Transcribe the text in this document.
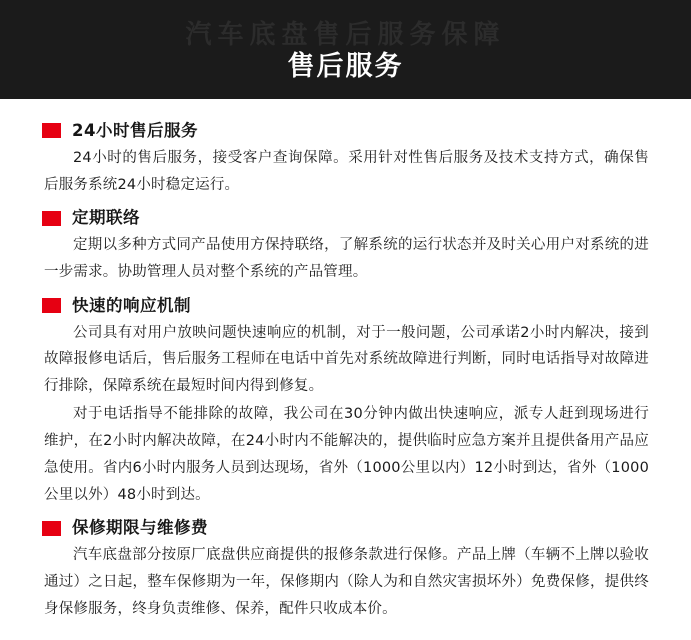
汽车底盘售后服务保障
售后服务
24小时售后服务

24小时的售后服务，接受客户查询保障。采用针对性售后服务及技术支持方式，确保售后服务系统24小时稳定运行。

定期联络

定期以多种方式同产品使用方保持联络，了解系统的运行状态并及时关心用户对系统的进一步需求。协助管理人员对整个系统的产品管理。

快速的响应机制

公司具有对用户放映问题快速响应的机制，对于一般问题，公司承诺2小时内解决，接到故障报修电话后，售后服务工程师在电话中首先对系统故障进行判断，同时电话指导对故障进行排除，保障系统在最短时间内得到修复。

对于电话指导不能排除的故障，我公司在30分钟内做出快速响应，派专人赶到现场进行维护，在2小时内解决故障，在24小时内不能解决的，提供临时应急方案并且提供备用产品应急使用。省内6小时内服务人员到达现场，省外（1000公里以内）12小时到达，省外（1000公里以外）48小时到达。

保修期限与维修费

汽车底盘部分按原厂底盘供应商提供的报修条款进行保修。产品上牌（车辆不上牌以验收通过）之日起，整车保修期为一年，保修期内（除人为和自然灾害损坏外）免费保修，提供终身保修服务，终身负责维修、保养，配件只收成本价。
